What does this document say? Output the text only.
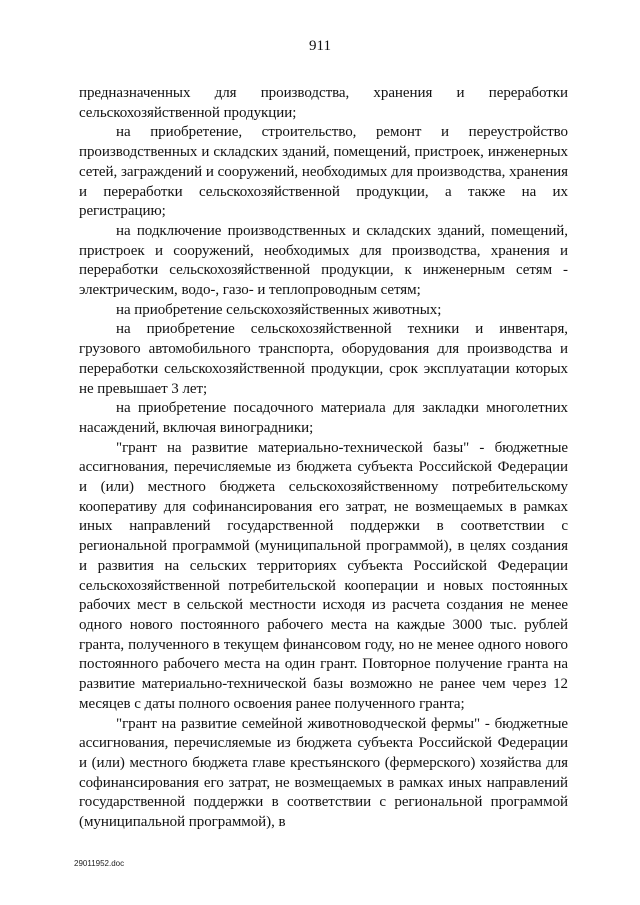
911

предназначенных для производства, хранения и переработки сельскохозяйственной продукции;

на приобретение, строительство, ремонт и переустройство производственных и складских зданий, помещений, пристроек, инженерных сетей, заграждений и сооружений, необходимых для производства, хранения и переработки сельскохозяйственной продукции, а также на их регистрацию;

на подключение производственных и складских зданий, помещений, пристроек и сооружений, необходимых для производства, хранения и переработки сельскохозяйственной продукции, к инженерным сетям - электрическим, водо-, газо- и теплопроводным сетям;

на приобретение сельскохозяйственных животных;

на приобретение сельскохозяйственной техники и инвентаря, грузового автомобильного транспорта, оборудования для производства и переработки сельскохозяйственной продукции, срок эксплуатации которых не превышает 3 лет;

на приобретение посадочного материала для закладки многолетних насаждений, включая виноградники;

"грант на развитие материально-технической базы" - бюджетные ассигнования, перечисляемые из бюджета субъекта Российской Федерации и (или) местного бюджета сельскохозяйственному потребительскому кооперативу для софинансирования его затрат, не возмещаемых в рамках иных направлений государственной поддержки в соответствии с региональной программой (муниципальной программой), в целях создания и развития на сельских территориях субъекта Российской Федерации сельскохозяйственной потребительской кооперации и новых постоянных рабочих мест в сельской местности исходя из расчета создания не менее одного нового постоянного рабочего места на каждые 3000 тыс. рублей гранта, полученного в текущем финансовом году, но не менее одного нового постоянного рабочего места на один грант. Повторное получение гранта на развитие материально-технической базы возможно не ранее чем через 12 месяцев с даты полного освоения ранее полученного гранта;

"грант на развитие семейной животноводческой фермы" - бюджетные ассигнования, перечисляемые из бюджета субъекта Российской Федерации и (или) местного бюджета главе крестьянского (фермерского) хозяйства для софинансирования его затрат, не возмещаемых в рамках иных направлений государственной поддержки в соответствии с региональной программой (муниципальной программой), в

29011952.doc
